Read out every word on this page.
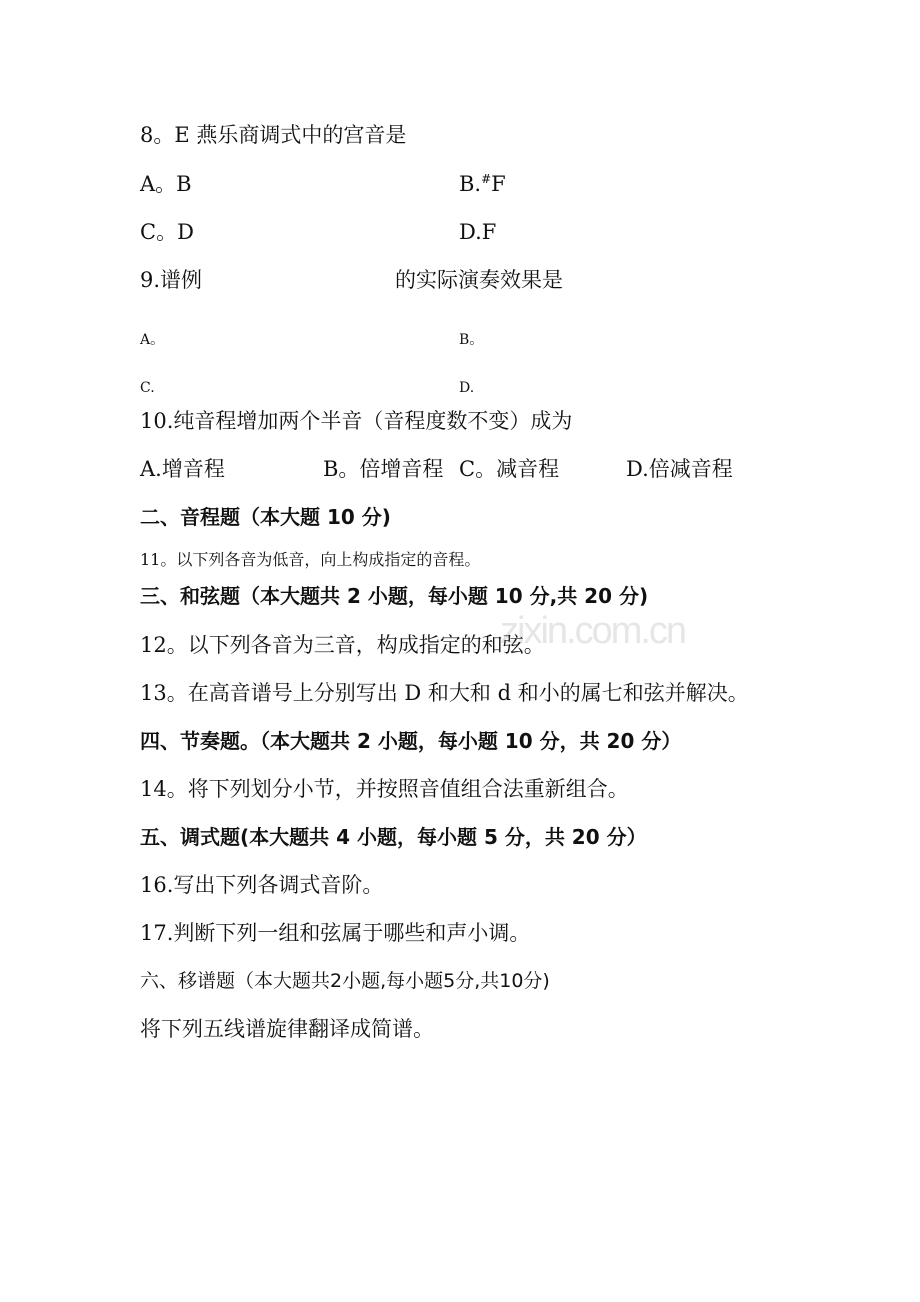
zixin.com.cn
8。E 燕乐商调式中的宫音是
A。B	B.#F
C。D	D.F
9.谱例	的实际演奏效果是
A。	B。
C.	D.
10.纯音程增加两个半音（音程度数不变）成为
A.增音程	B。倍增音程 C。减音程	D.倍减音程
二、音程题（本大题 10 分)
11。以下列各音为低音，向上构成指定的音程。
三、和弦题（本大题共 2 小题，每小题 10 分,共 20 分)
12。以下列各音为三音，构成指定的和弦。
13。在高音谱号上分别写出 D 和大和 d 和小的属七和弦并解决。
四、节奏题。（本大题共 2 小题，每小题 10 分，共 20 分）
14。将下列划分小节，并按照音值组合法重新组合。
五、调式题(本大题共 4 小题，每小题 5 分，共 20 分）
16.写出下列各调式音阶。
17.判断下列一组和弦属于哪些和声小调。
六、移谱题（本大题共2小题,每小题5分,共10分)
将下列五线谱旋律翻译成简谱。
